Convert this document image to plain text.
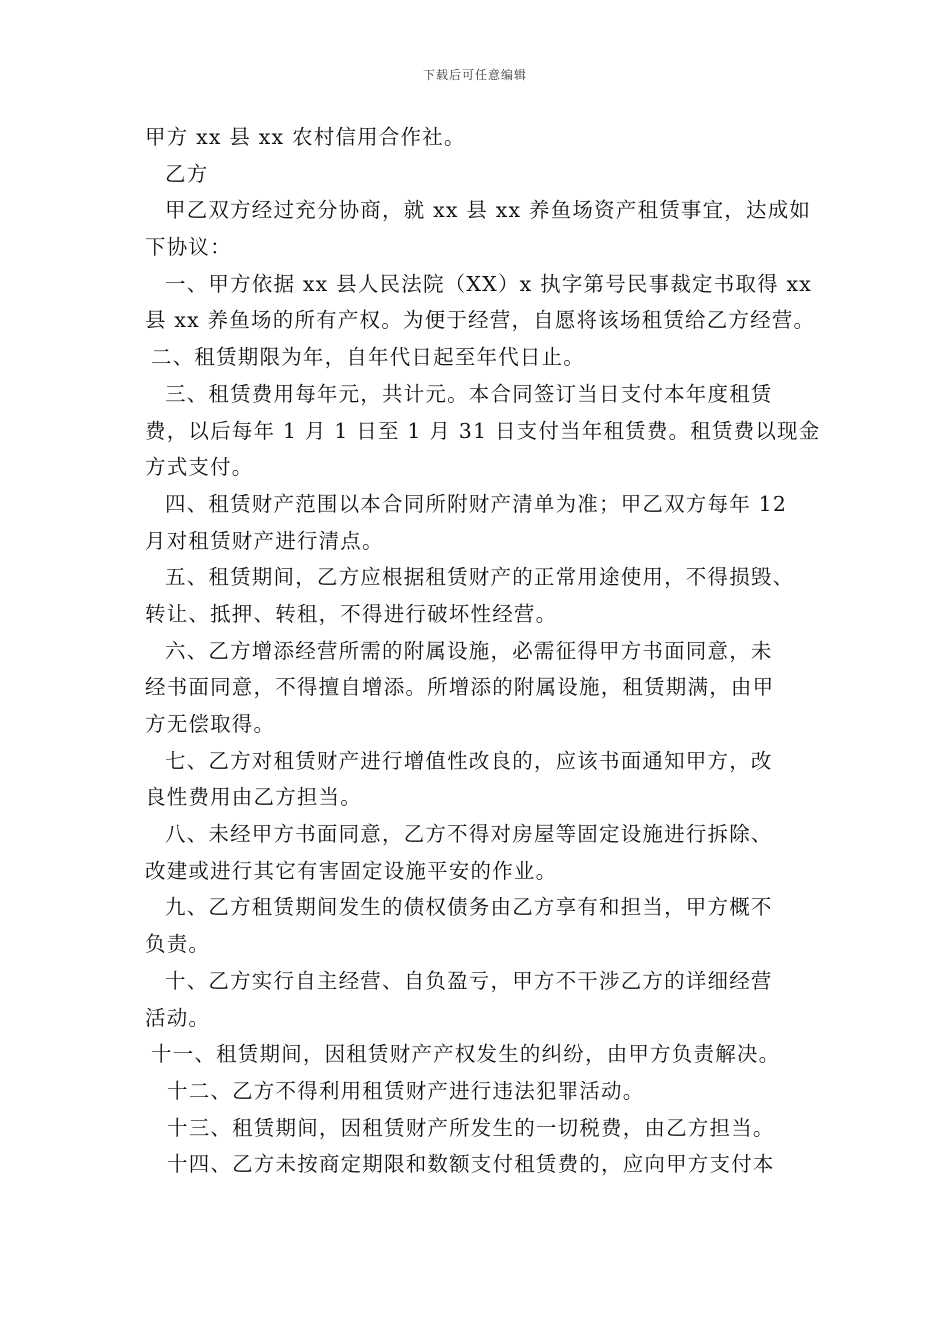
下载后可任意编辑
甲方 xx 县 xx 农村信用合作社。
乙方
甲乙双方经过充分协商，就 xx 县 xx 养鱼场资产租赁事宜，达成如
下协议：
一、甲方依据 xx 县人民法院（XX）x 执字第号民事裁定书取得 xx
县 xx 养鱼场的所有产权。为便于经营，自愿将该场租赁给乙方经营。
二、租赁期限为年，自年代日起至年代日止。
三、租赁费用每年元，共计元。本合同签订当日支付本年度租赁
费，以后每年 1 月 1 日至 1 月 31 日支付当年租赁费。租赁费以现金
方式支付。
四、租赁财产范围以本合同所附财产清单为准；甲乙双方每年 12
月对租赁财产进行清点。
五、租赁期间，乙方应根据租赁财产的正常用途使用，不得损毁、
转让、抵押、转租，不得进行破坏性经营。
六、乙方增添经营所需的附属设施，必需征得甲方书面同意，未
经书面同意，不得擅自增添。所增添的附属设施，租赁期满，由甲
方无偿取得。
七、乙方对租赁财产进行增值性改良的，应该书面通知甲方，改
良性费用由乙方担当。
八、未经甲方书面同意，乙方不得对房屋等固定设施进行拆除、
改建或进行其它有害固定设施平安的作业。
九、乙方租赁期间发生的债权债务由乙方享有和担当，甲方概不
负责。
十、乙方实行自主经营、自负盈亏，甲方不干涉乙方的详细经营
活动。
十一、租赁期间，因租赁财产产权发生的纠纷，由甲方负责解决。
十二、乙方不得利用租赁财产进行违法犯罪活动。
十三、租赁期间，因租赁财产所发生的一切税费，由乙方担当。
十四、乙方未按商定期限和数额支付租赁费的，应向甲方支付本
